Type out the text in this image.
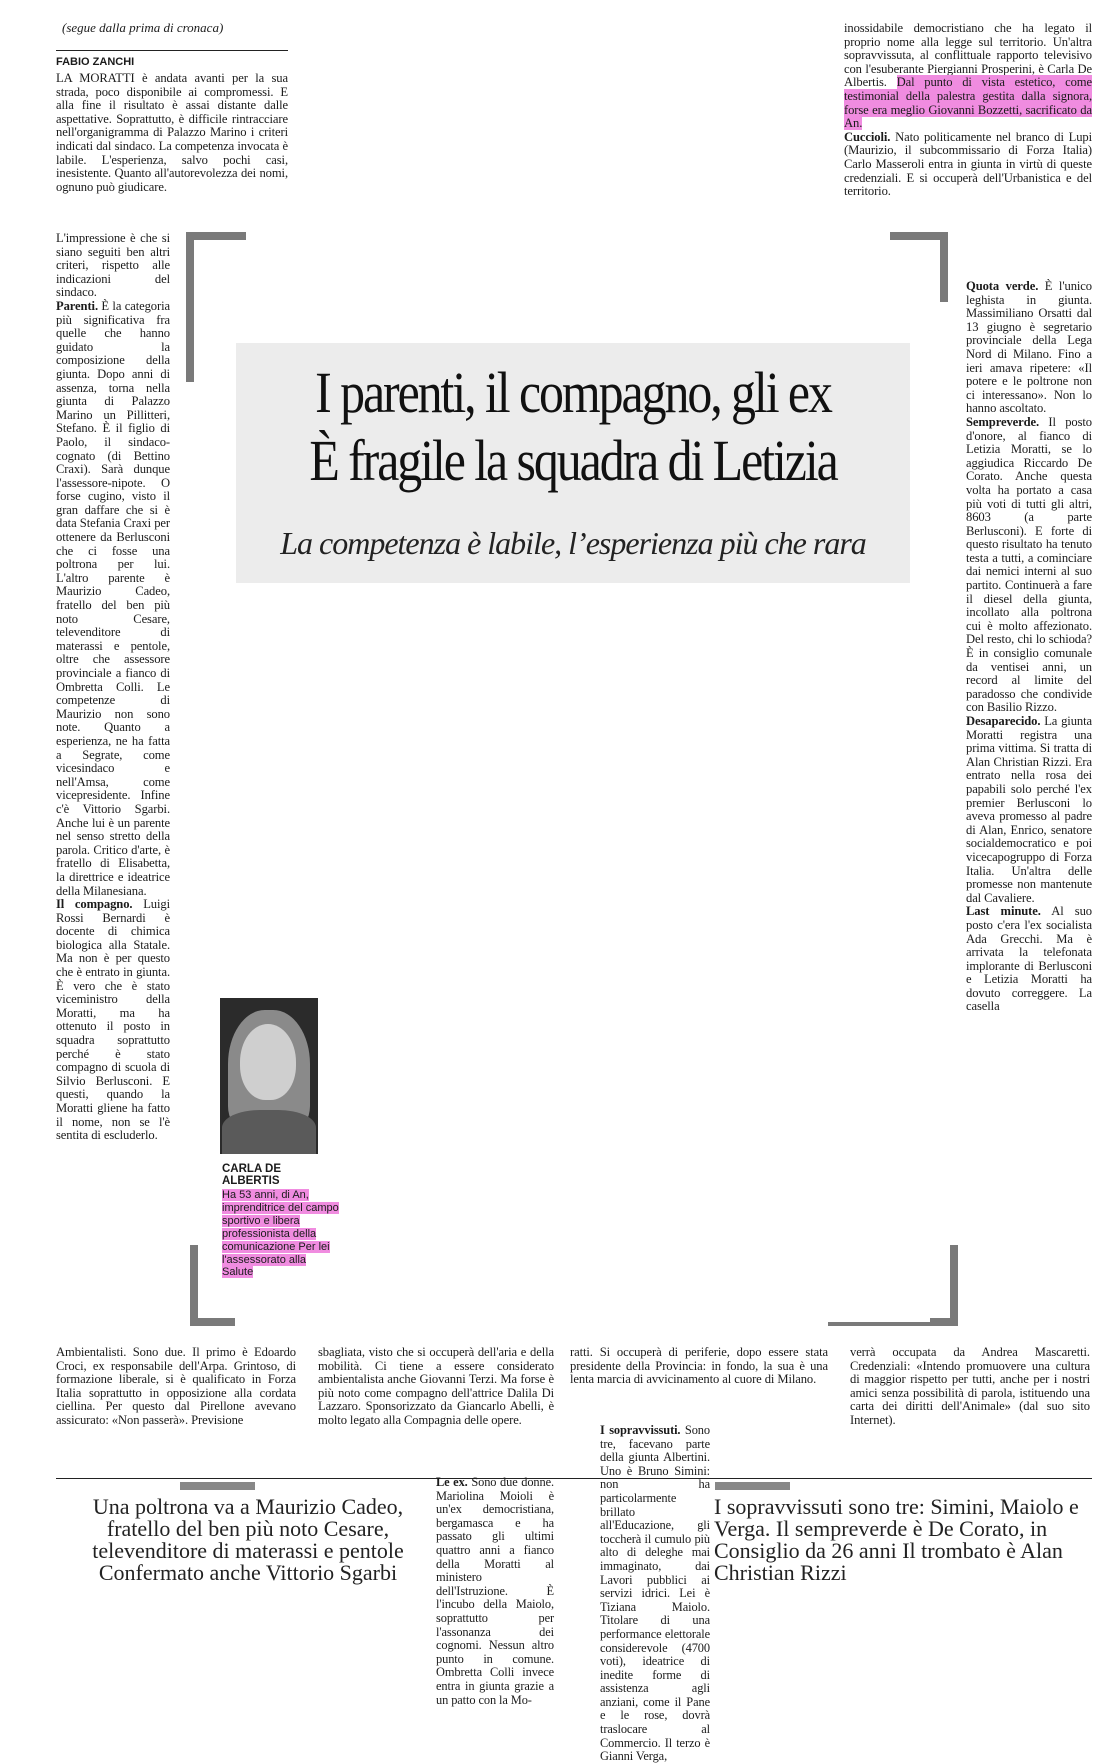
(segue dalla prima di cronaca)
FABIO ZANCHI

LA MORATTI è andata avanti per la sua strada, poco disponibile ai compromessi. E alla fine il risultato è assai distante dalle aspettative. Soprattutto, è difficile rintracciare nell'organigramma di Palazzo Marino i criteri indicati dal sindaco. La competenza invocata è labile. L'esperienza, salvo pochi casi, inesistente. Quanto all'autorevolezza dei nomi, ognuno può giudicare.

L'impressione è che si siano seguiti ben altri criteri, rispetto alle indicazioni del sindaco.

Parenti. È la categoria più significativa fra quelle che hanno guidato la composizione della giunta. Dopo anni di assenza, torna nella giunta di Palazzo Marino un Pillitteri, Stefano. È il figlio di Paolo, il sindaco-cognato (di Bettino Craxi). Sarà dunque l'assessore-nipote. O forse cugino, visto il gran daffare che si è data Stefania Craxi per ottenere da Berlusconi che ci fosse una poltrona per lui. L'altro parente è Maurizio Cadeo, fratello del ben più noto Cesare, televenditore di materassi e pentole, oltre che assessore provinciale a fianco di Ombretta Colli. Le competenze di Maurizio non sono note. Quanto a esperienza, ne ha fatta a Segrate, come vicesindaco e nell'Amsa, come vicepresidente. Infine c'è Vittorio Sgarbi. Anche lui è un parente nel senso stretto della parola. Critico d'arte, è fratello di Elisabetta, la direttrice e ideatrice della Milanesiana.

Il compagno. Luigi Rossi Bernardi è docente di chimica biologica alla Statale. Ma non è per questo che è entrato in giunta. È vero che è stato viceministro della Moratti, ma ha ottenuto il posto in squadra soprattutto perché è stato compagno di scuola di Silvio Berlusconi. E questi, quando la Moratti gliene ha fatto il nome, non se l'è sentita di escluderlo.

inossidabile democristiano che ha legato il proprio nome alla legge sul territorio. Un'altra sopravvissuta, al conflittuale rapporto televisivo con l'esuberante Piergianni Prosperini, è Carla De Albertis. Dal punto di vista estetico, come testimonial della palestra gestita dalla signora, forse era meglio Giovanni Bozzetti, sacrificato da An.

Cuccioli. Nato politicamente nel branco di Lupi (Maurizio, il subcommissario di Forza Italia) Carlo Masseroli entra in giunta in virtù di queste credenziali. E si occuperà dell'Urbanistica e del territorio.

Quota verde. È l'unico leghista in giunta. Massimiliano Orsatti dal 13 giugno è segretario provinciale della Lega Nord di Milano. Fino a ieri amava ripetere: «Il potere e le poltrone non ci interessano». Non lo hanno ascoltato.

Sempreverde. Il posto d'onore, al fianco di Letizia Moratti, se lo aggiudica Riccardo De Corato. Anche questa volta ha portato a casa più voti di tutti gli altri, 8603 (a parte Berlusconi). E forte di questo risultato ha tenuto testa a tutti, a cominciare dai nemici interni al suo partito. Continuerà a fare il diesel della giunta, incollato alla poltrona cui è molto affezionato. Del resto, chi lo schioda? È in consiglio comunale da ventisei anni, un record al limite del paradosso che condivide con Basilio Rizzo.

Desaparecido. La giunta Moratti registra una prima vittima. Si tratta di Alan Christian Rizzi. Era entrato nella rosa dei papabili solo perché l'ex premier Berlusconi lo aveva promesso al padre di Alan, Enrico, senatore socialdemocratico e poi vicecapogruppo di Forza Italia. Un'altra delle promesse non mantenute dal Cavaliere.

Last minute. Al suo posto c'era l'ex socialista Ada Grecchi. Ma è arrivata la telefonata implorante di Berlusconi e Letizia Moratti ha dovuto correggere. La casella

I parenti, il compagno, gli ex
È fragile la squadra di Letizia
La competenza è labile, l’esperienza più che rara
CARLA DE ALBERTIS
Ha 53 anni, di An, imprenditrice del campo sportivo e libera professionista della comunicazione Per lei l'assessorato alla Salute

Ambientalisti. Sono due. Il primo è Edoardo Croci, ex responsabile dell'Arpa. Grintoso, di formazione liberale, si è qualificato in Forza Italia soprattutto in opposizione alla cordata ciellina. Per questo dal Pirellone avevano assicurato: «Non passerà». Previsione

sbagliata, visto che si occuperà dell'aria e della mobilità. Ci tiene a essere considerato ambientalista anche Giovanni Terzi. Ma forse è più noto come compagno dell'attrice Dalila Di Lazzaro. Sponsorizzato da Giancarlo Abelli, è molto legato alla Compagnia delle opere.

Le ex. Sono due donne. Mariolina Moioli è un'ex democristiana, bergamasca e ha passato gli ultimi quattro anni a fianco della Moratti al ministero dell'Istruzione. È l'incubo della Maiolo, soprattutto per l'assonanza dei cognomi. Nessun altro punto in comune. Ombretta Colli invece entra in giunta grazie a un patto con la Mo-

ratti. Si occuperà di periferie, dopo essere stata presidente della Provincia: in fondo, la sua è una lenta marcia di avvicinamento al cuore di Milano.

I sopravvissuti. Sono tre, facevano parte della giunta Albertini. Uno è Bruno Simini: non ha particolarmente brillato all'Educazione, gli toccherà il cumulo più alto di deleghe mai immaginato, dai Lavori pubblici ai servizi idrici. Lei è Tiziana Maiolo. Titolare di una performance elettorale considerevole (4700 voti), ideatrice di inedite forme di assistenza agli anziani, come il Pane e le rose, dovrà traslocare al Commercio. Il terzo è Gianni Verga,

verrà occupata da Andrea Mascaretti. Credenziali: «Intendo promuovere una cultura di maggior rispetto per tutti, anche per i nostri amici senza possibilità di parola, istituendo una carta dei diritti dell'Animale» (dal suo sito Internet).

Una poltrona va a Maurizio Cadeo, fratello del ben più noto Cesare, televenditore di materassi e pentole Confermato anche Vittorio Sgarbi
I sopravvissuti sono tre: Simini, Maiolo e Verga. Il sempreverde è De Corato, in Consiglio da 26 anni Il trombato è Alan Christian Rizzi
